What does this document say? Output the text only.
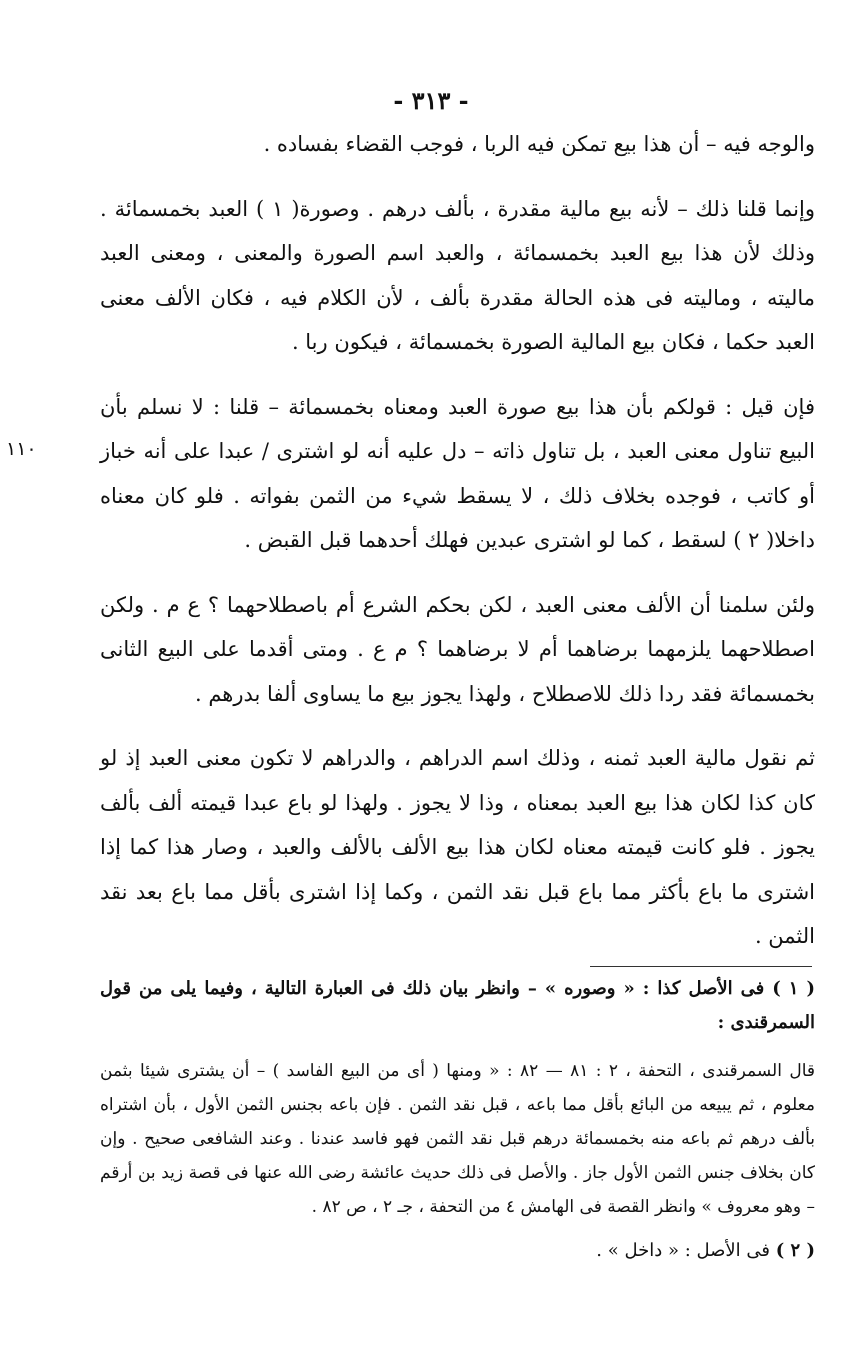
- ٣١٣ -
١١٠

والوجه فيه – أن هذا بيع تمكن فيه الربا ، فوجب القضاء بفساده .

وإنما قلنا ذلك – لأنه بيع مالية مقدرة ، بألف درهم . وصورة( ١ ) العبد بخمسمائة . وذلك لأن هذا بيع العبد بخمسمائة ، والعبد اسم الصورة والمعنى ، ومعنى العبد ماليته ، وماليته فى هذه الحالة مقدرة بألف ، لأن الكلام فيه ، فكان الألف معنى العبد حكما ، فكان بيع المالية الصورة بخمسمائة ، فيكون ربا .

فإن قيل : قولكم بأن هذا بيع صورة العبد ومعناه بخمسمائة – قلنا : لا نسلم بأن البيع تناول معنى العبد ، بل تناول ذاته – دل عليه أنه لو اشترى / عبدا على أنه خباز أو كاتب ، فوجده بخلاف ذلك ، لا يسقط شيء من الثمن بفواته . فلو كان معناه داخلا( ٢ ) لسقط ، كما لو اشترى عبدين فهلك أحدهما قبل القبض .

ولئن سلمنا أن الألف معنى العبد ، لكن بحكم الشرع أم باصطلاحهما ؟ ع م . ولكن اصطلاحهما يلزمهما برضاهما أم لا برضاهما ؟ م ع . ومتى أقدما على البيع الثانى بخمسمائة فقد ردا ذلك للاصطلاح ، ولهذا يجوز بيع ما يساوى ألفا بدرهم .

ثم نقول مالية العبد ثمنه ، وذلك اسم الدراهم ، والدراهم لا تكون معنى العبد إذ لو كان كذا لكان هذا بيع العبد بمعناه ، وذا لا يجوز . ولهذا لو باع عبدا قيمته ألف بألف يجوز . فلو كانت قيمته معناه لكان هذا بيع الألف بالألف والعبد ، وصار هذا كما إذا اشترى ما باع بأكثر مما باع قبل نقد الثمن ، وكما إذا اشترى بأقل مما باع بعد نقد الثمن .

( ١ ) فى الأصل كذا : « وصوره » – وانظر بيان ذلك فى العبارة التالية ، وفيما يلى من قول السمرقندى :

قال السمرقندى ، التحفة ، ٢ : ٨١ — ٨٢ : « ومنها ( أى من البيع الفاسد ) – أن يشترى شيئا بثمن معلوم ، ثم يبيعه من البائع بأقل مما باعه ، قبل نقد الثمن . فإن باعه بجنس الثمن الأول ، بأن اشتراه بألف درهم ثم باعه منه بخمسمائة درهم قبل نقد الثمن فهو فاسد عندنا . وعند الشافعى صحيح . وإن كان بخلاف جنس الثمن الأول جاز . والأصل فى ذلك حديث عائشة رضى الله عنها فى قصة زيد بن أرقم – وهو معروف » وانظر القصة فى الهامش ٤ من التحفة ، جـ ٢ ، ص ٨٢ .

( ٢ ) فى الأصل : « داخل » .
